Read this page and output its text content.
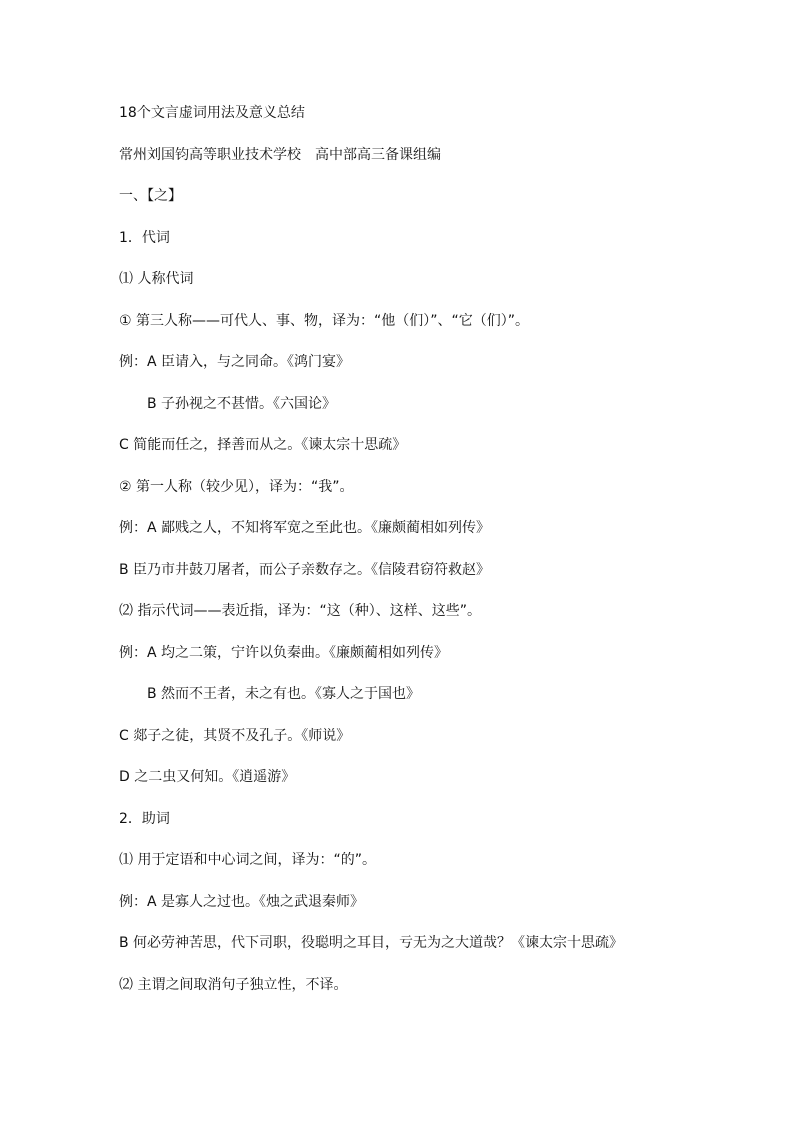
18个文言虚词用法及意义总结
常州刘国钧高等职业技术学校　高中部高三备课组编
一、【之】
1．代词
⑴ 人称代词
① 第三人称——可代人、事、物，译为：“他（们）”、“它（们）”。
例：A 臣请入，与之同命。《鸿门宴》
B 子孙视之不甚惜。《六国论》
C 简能而任之，择善而从之。《谏太宗十思疏》
② 第一人称（较少见），译为：“我”。
例：A 鄙贱之人，不知将军宽之至此也。《廉颇蔺相如列传》
B 臣乃市井鼓刀屠者，而公子亲数存之。《信陵君窃符救赵》
⑵ 指示代词——表近指，译为：“这（种）、这样、这些”。
例：A 均之二策，宁许以负秦曲。《廉颇蔺相如列传》
B 然而不王者，未之有也。《寡人之于国也》
C 郯子之徒，其贤不及孔子。《师说》
D 之二虫又何知。《逍遥游》
2．助词
⑴ 用于定语和中心词之间，译为：“的”。
例：A 是寡人之过也。《烛之武退秦师》
B 何必劳神苦思，代下司职，役聪明之耳目，亏无为之大道哉？《谏太宗十思疏》
⑵ 主谓之间取消句子独立性，不译。
